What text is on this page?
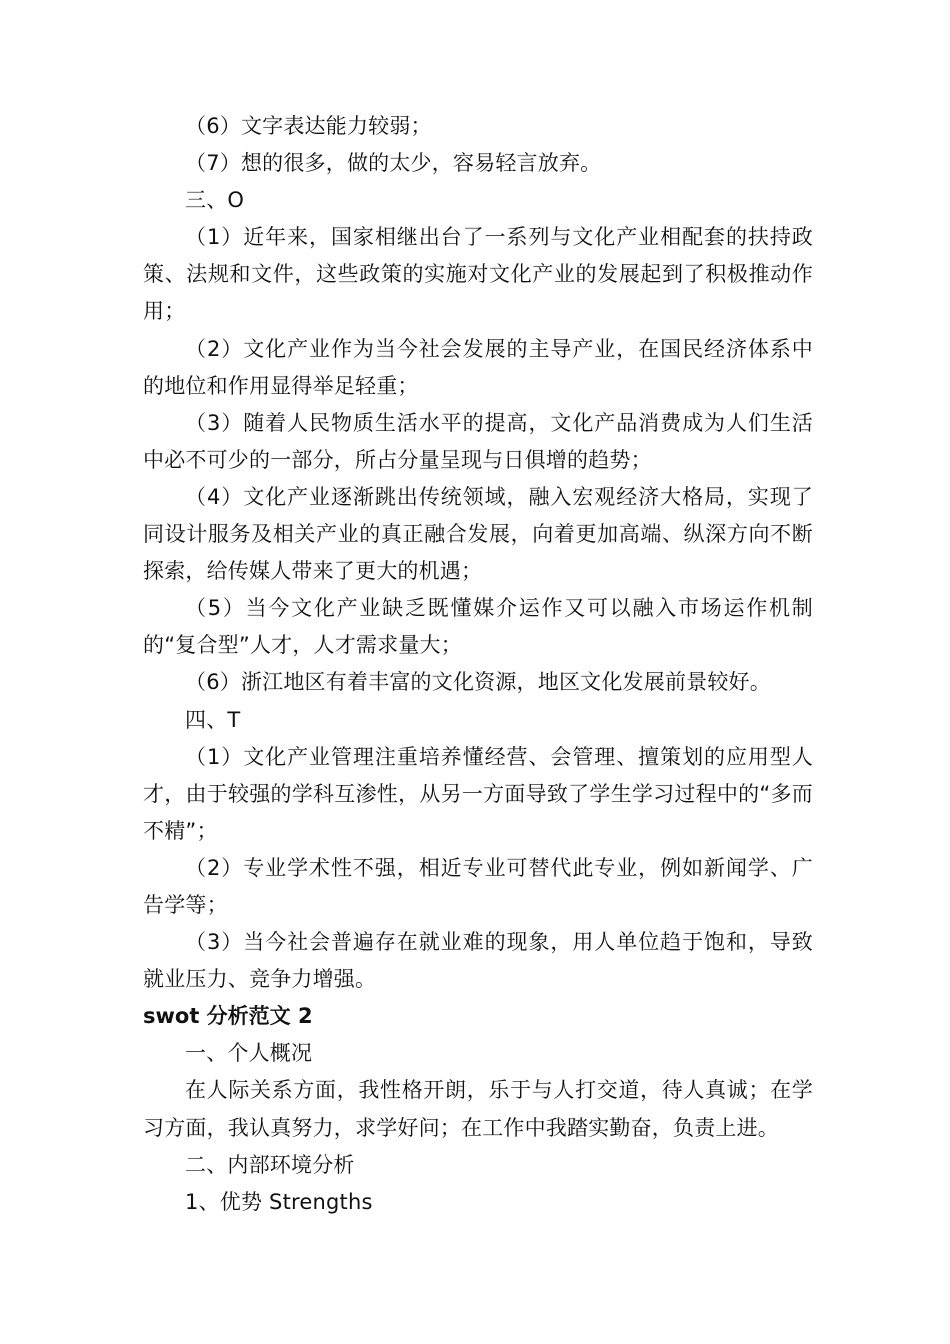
（6）文字表达能力较弱；

（7）想的很多，做的太少，容易轻言放弃。

三、O

（1）近年来，国家相继出台了一系列与文化产业相配套的扶持政策、法规和文件，这些政策的实施对文化产业的发展起到了积极推动作用；

（2）文化产业作为当今社会发展的主导产业，在国民经济体系中的地位和作用显得举足轻重；

（3）随着人民物质生活水平的提高，文化产品消费成为人们生活中必不可少的一部分，所占分量呈现与日俱增的趋势；

（4）文化产业逐渐跳出传统领域，融入宏观经济大格局，实现了同设计服务及相关产业的真正融合发展，向着更加高端、纵深方向不断探索，给传媒人带来了更大的机遇；

（5）当今文化产业缺乏既懂媒介运作又可以融入市场运作机制的“复合型”人才，人才需求量大；

（6）浙江地区有着丰富的文化资源，地区文化发展前景较好。

四、T

（1）文化产业管理注重培养懂经营、会管理、擅策划的应用型人才，由于较强的学科互渗性，从另一方面导致了学生学习过程中的“多而不精”；

（2）专业学术性不强，相近专业可替代此专业，例如新闻学、广告学等；

（3）当今社会普遍存在就业难的现象，用人单位趋于饱和，导致就业压力、竞争力增强。

swot 分析范文 2

一、个人概况

在人际关系方面，我性格开朗，乐于与人打交道，待人真诚；在学习方面，我认真努力，求学好问；在工作中我踏实勤奋，负责上进。

二、内部环境分析

1、优势 Strengths
